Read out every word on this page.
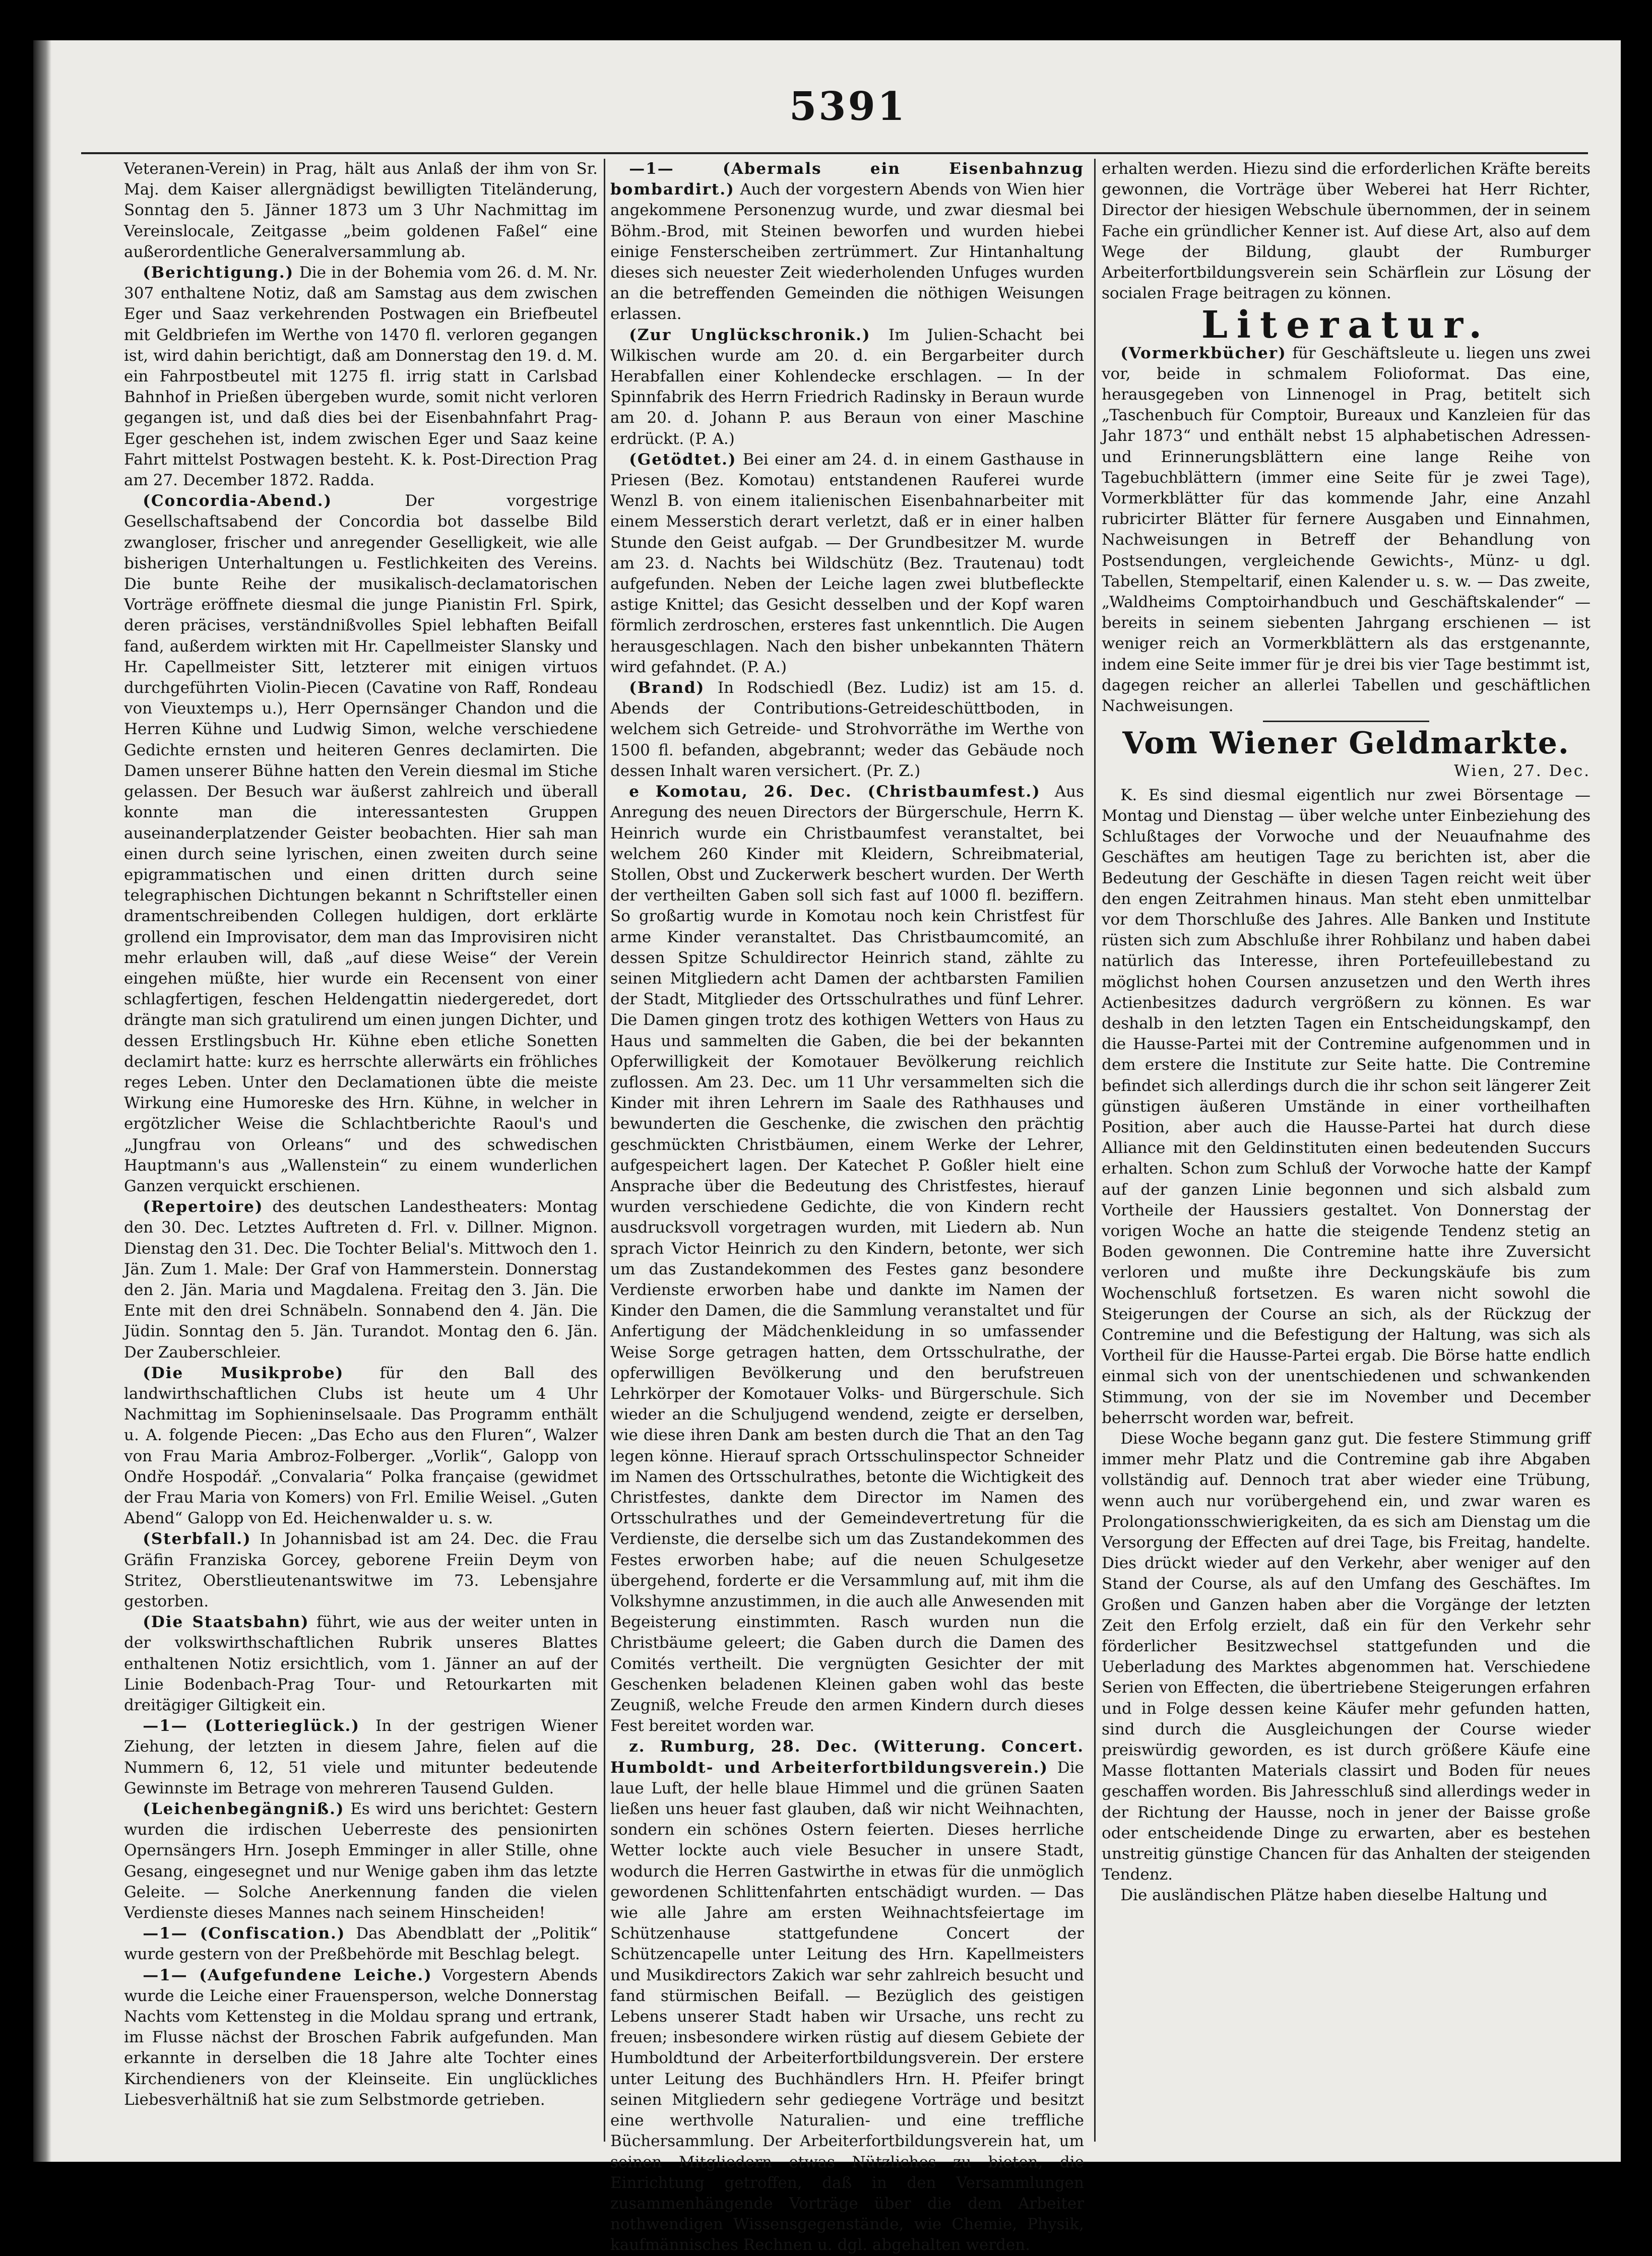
5391

Veteranen-Verein) in Prag, hält aus Anlaß der ihm von Sr. Maj. dem Kaiser allergnädigst bewilligten Titeländerung, Sonntag den 5. Jänner 1873 um 3 Uhr Nachmittag im Vereinslocale, Zeitgasse „beim goldenen Faßel“ eine außerordentliche Generalversammlung ab.

(Berichtigung.) Die in der Bohemia vom 26. d. M. Nr. 307 enthaltene Notiz, daß am Samstag aus dem zwischen Eger und Saaz verkehrenden Postwagen ein Briefbeutel mit Geldbriefen im Werthe von 1470 fl. verloren gegangen ist, wird dahin berichtigt, daß am Donnerstag den 19. d. M. ein Fahrpostbeutel mit 1275 fl. irrig statt in Carlsbad Bahnhof in Prießen übergeben wurde, somit nicht verloren gegangen ist, und daß dies bei der Eisenbahnfahrt Prag-Eger geschehen ist, indem zwischen Eger und Saaz keine Fahrt mittelst Postwagen besteht. K. k. Post-Direction Prag am 27. December 1872. Radda.

(Concordia-Abend.)	Der vorgestrige Gesellschaftsabend der Concordia bot dasselbe Bild zwangloser, frischer und anregender Geselligkeit, wie alle bisherigen Unterhaltungen u. Festlichkeiten des Vereins. Die bunte Reihe der musikalisch-declamatorischen Vorträge eröffnete diesmal die junge Pianistin Frl. Spirk, deren präcises, verständnißvolles Spiel lebhaften Beifall fand, außerdem wirkten mit Hr. Capellmeister Slansky und Hr. Capellmeister Sitt, letzterer mit einigen virtuos durchgeführten Violin-Piecen (Cavatine von Raff, Rondeau von Vieuxtemps u.), Herr Opernsänger Chandon und die Herren Kühne und Ludwig Simon, welche verschiedene Gedichte ernsten und heiteren Genres declamirten. Die Damen unserer Bühne hatten den Verein diesmal im Stiche gelassen. Der Besuch war äußerst zahlreich und überall konnte man die interessantesten Gruppen auseinanderplatzender Geister beobachten. Hier sah man einen durch seine lyrischen, einen zweiten durch seine epigrammatischen und einen dritten durch seine telegraphischen Dichtungen bekannt n Schriftsteller einen dramentschreibenden Collegen huldigen, dort erklärte grollend ein Improvisator, dem man das Improvisiren nicht mehr erlauben will, daß „auf diese Weise“ der Verein eingehen müßte, hier wurde ein Recensent von einer schlagfertigen, feschen Heldengattin niedergeredet, dort drängte man sich gratulirend um einen jungen Dichter, und dessen Erstlingsbuch Hr. Kühne eben etliche Sonetten declamirt hatte: kurz es herrschte allerwärts ein fröhliches reges Leben. Unter den Declamationen übte die meiste Wirkung eine Humoreske des Hrn. Kühne, in welcher in ergötzlicher Weise die Schlachtberichte Raoul's und „Jungfrau von Orleans“ und des schwedischen Hauptmann's aus „Wallenstein“ zu einem wunderlichen Ganzen verquickt erschienen.

(Repertoire) des deutschen Landestheaters: Montag den 30. Dec. Letztes Auftreten d. Frl. v. Dillner. Mignon. Dienstag den 31. Dec. Die Tochter Belial's. Mittwoch den 1. Jän. Zum 1. Male: Der Graf von Hammerstein. Donnerstag den 2. Jän. Maria und Magdalena. Freitag den 3. Jän. Die Ente mit den drei Schnäbeln. Sonnabend den 4. Jän. Die Jüdin. Sonntag den 5. Jän. Turandot. Montag den 6. Jän. Der Zauberschleier.

(Die Musikprobe) für den Ball des landwirthschaftlichen Clubs ist heute um 4 Uhr Nachmittag im Sophieninselsaale. Das Programm enthält u. A. folgende Piecen: „Das Echo aus den Fluren“, Walzer von Frau Maria Ambroz-Folberger. „Vorlik“, Galopp von Ondře Hospodář. „Convalaria“ Polka française (gewidmet der Frau Maria von Komers) von Frl. Emilie Weisel. „Guten Abend“ Galopp von Ed. Heichenwalder u. s. w.

(Sterbfall.) In Johannisbad ist am 24. Dec. die Frau Gräfin Franziska Gorcey, geborene Freiin Deym von Stritez, Oberstlieutenantswitwe im 73. Lebensjahre gestorben.

(Die Staatsbahn) führt, wie aus der weiter unten in der volkswirthschaftlichen Rubrik unseres Blattes enthaltenen Notiz ersichtlich, vom 1. Jänner an auf der Linie Bodenbach-Prag Tour- und Retourkarten mit dreitägiger Giltigkeit ein.

—1— (Lotterieglück.) In der gestrigen Wiener Ziehung, der letzten in diesem Jahre, fielen auf die Nummern 6, 12, 51 viele und mitunter bedeutende Gewinnste im Betrage von mehreren Tausend Gulden.

(Leichenbegängniß.) Es wird uns berichtet: Gestern wurden die irdischen Ueberreste des pensionirten Opernsängers Hrn. Joseph Emminger in aller Stille, ohne Gesang, eingesegnet und nur Wenige gaben ihm das letzte Geleite. — Solche Anerkennung fanden die vielen Verdienste dieses Mannes nach seinem Hinscheiden!

—1— (Confiscation.) Das Abendblatt der „Politik“ wurde gestern von der Preßbehörde mit Beschlag belegt.

—1— (Aufgefundene Leiche.) Vorgestern Abends wurde die Leiche einer Frauensperson, welche Donnerstag Nachts vom Kettensteg in die Moldau sprang und ertrank, im Flusse nächst der Broschen Fabrik aufgefunden. Man erkannte in derselben die 18 Jahre alte Tochter eines Kirchendieners von der Kleinseite. Ein unglückliches Liebesverhältniß hat sie zum Selbstmorde getrieben.

—1— (Abermals ein Eisenbahnzug bombardirt.) Auch der vorgestern Abends von Wien hier angekommene Personenzug wurde, und zwar diesmal bei Böhm.-Brod, mit Steinen beworfen und wurden hiebei einige Fensterscheiben zertrümmert. Zur Hintanhaltung dieses sich neuester Zeit wiederholenden Unfuges wurden an die betreffenden Gemeinden die nöthigen Weisungen erlassen.

(Zur Unglückschronik.) Im Julien-Schacht bei Wilkischen wurde am 20. d. ein Bergarbeiter durch Herabfallen einer Kohlendecke erschlagen. — In der Spinnfabrik des Herrn Friedrich Radinsky in Beraun wurde am 20. d. Johann P. aus Beraun von einer Maschine erdrückt. (P. A.)

(Getödtet.) Bei einer am 24. d. in einem Gasthause in Priesen (Bez. Komotau) entstandenen Rauferei wurde Wenzl B. von einem italienischen Eisenbahnarbeiter mit einem Messerstich derart verletzt, daß er in einer halben Stunde den Geist aufgab. — Der Grundbesitzer M. wurde am 23. d. Nachts bei Wildschütz (Bez. Trautenau) todt aufgefunden. Neben der Leiche lagen zwei blutbefleckte astige Knittel; das Gesicht desselben und der Kopf waren förmlich zerdroschen, ersteres fast unkenntlich. Die Augen herausgeschlagen. Nach den bisher unbekannten Thätern wird gefahndet. (P. A.)

(Brand) In Rodschiedl (Bez. Ludiz) ist am 15. d. Abends der Contributions-Getreideschüttboden, in welchem sich Getreide- und Strohvorräthe im Werthe von 1500 fl. befanden, abgebrannt; weder das Gebäude noch dessen Inhalt waren versichert. (Pr. Z.)

e Komotau, 26. Dec. (Christbaumfest.) Aus Anregung des neuen Directors der Bürgerschule, Herrn K. Heinrich wurde ein Christbaumfest veranstaltet, bei welchem 260 Kinder mit Kleidern, Schreibmaterial, Stollen, Obst und Zuckerwerk beschert wurden. Der Werth der vertheilten Gaben soll sich fast auf 1000 fl. beziffern. So großartig wurde in Komotau noch kein Christfest für arme Kinder veranstaltet. Das Christbaumcomité, an dessen Spitze Schuldirector Heinrich stand, zählte zu seinen Mitgliedern acht Damen der achtbarsten Familien der Stadt, Mitglieder des Ortsschulrathes und fünf Lehrer. Die Damen gingen trotz des kothigen Wetters von Haus zu Haus und sammelten die Gaben, die bei der bekannten Opferwilligkeit der Komotauer Bevölkerung reichlich zuflossen. Am 23. Dec. um 11 Uhr versammelten sich die Kinder mit ihren Lehrern im Saale des Rathhauses und bewunderten die Geschenke, die zwischen den prächtig geschmückten Christbäumen, einem Werke der Lehrer, aufgespeichert lagen. Der Katechet P. Goßler hielt eine Ansprache über die Bedeutung des Christfestes, hierauf wurden verschiedene Gedichte, die von Kindern recht ausdrucksvoll vorgetragen wurden, mit Liedern ab. Nun sprach Victor Heinrich zu den Kindern, betonte, wer sich um das Zustandekommen des Festes ganz besondere Verdienste erworben habe und dankte im Namen der Kinder den Damen, die die Sammlung veranstaltet und für Anfertigung der Mädchenkleidung in so umfassender Weise Sorge getragen hatten, dem Ortsschulrathe, der opferwilligen Bevölkerung und den berufstreuen Lehrkörper der Komotauer Volks- und Bürgerschule. Sich wieder an die Schuljugend wendend, zeigte er derselben, wie diese ihren Dank am besten durch die That an den Tag legen könne. Hierauf sprach Ortsschulinspector Schneider im Namen des Ortsschulrathes, betonte die Wichtigkeit des Christfestes, dankte dem Director im Namen des Ortsschulrathes und der Gemeindevertretung für die Verdienste, die derselbe sich um das Zustandekommen des Festes erworben habe; auf die neuen Schulgesetze übergehend, forderte er die Versammlung auf, mit ihm die Volkshymne anzustimmen, in die auch alle Anwesenden mit Begeisterung einstimmten. Rasch wurden nun die Christbäume geleert; die Gaben durch die Damen des Comités vertheilt. Die vergnügten Gesichter der mit Geschenken beladenen Kleinen gaben wohl das beste Zeugniß, welche Freude den armen Kindern durch dieses Fest bereitet worden war.

z. Rumburg, 28. Dec. (Witterung. Concert. Humboldt- und Arbeiterfortbildungsverein.) Die laue Luft, der helle blaue Himmel und die grünen Saaten ließen uns heuer fast glauben, daß wir nicht Weihnachten, sondern ein schönes Ostern feierten. Dieses herrliche Wetter lockte auch viele Besucher in unsere Stadt, wodurch die Herren Gastwirthe in etwas für die unmöglich gewordenen Schlittenfahrten entschädigt wurden. — Das wie alle Jahre am ersten Weihnachtsfeiertage im Schützenhause stattgefundene Concert der Schützencapelle unter Leitung des Hrn. Kapellmeisters und Musikdirectors Zakich war sehr zahlreich besucht und fand stürmischen Beifall. — Bezüglich des geistigen Lebens unserer Stadt haben wir Ursache, uns recht zu freuen; insbesondere wirken rüstig auf diesem Gebiete der Humboldtund der Arbeiterfortbildungsverein. Der erstere unter Leitung des Buchhändlers Hrn. H. Pfeifer bringt seinen Mitgliedern sehr gediegene Vorträge und besitzt eine werthvolle Naturalien- und eine treffliche Büchersammlung. Der Arbeiterfortbildungsverein hat, um seinen Mitgliedern etwas Nützliches zu bieten, die Einrichtung getroffen, daß in den Versammlungen zusammenhängende Vorträge über die dem Arbeiter nothwendigen Wissensgegenstände, wie Chemie, Physik, kaufmännisches Rechnen u. dgl. abgehalten werden.

erhalten werden. Hiezu sind die erforderlichen Kräfte bereits gewonnen, die Vorträge über Weberei hat Herr Richter, Director der hiesigen Webschule übernommen, der in seinem Fache ein gründlicher Kenner ist. Auf diese Art, also auf dem Wege der Bildung, glaubt der Rumburger Arbeiterfortbildungsverein sein Schärflein zur Lösung der socialen Frage beitragen zu können.

Literatur.

(Vormerkbücher) für Geschäftsleute u. liegen uns zwei vor, beide in schmalem Folioformat. Das eine, herausgegeben von Linnenogel in Prag, betitelt sich „Taschenbuch für Comptoir, Bureaux und Kanzleien für das Jahr 1873“ und enthält nebst 15 alphabetischen Adressen- und Erinnerungsblättern eine lange Reihe von Tagebuchblättern (immer eine Seite für je zwei Tage), Vormerkblätter für das kommende Jahr, eine Anzahl rubricirter Blätter für fernere Ausgaben und Einnahmen, Nachweisungen in Betreff der Behandlung von Postsendungen, vergleichende Gewichts-, Münz- u dgl. Tabellen, Stempeltarif, einen Kalender u. s. w. — Das zweite, „Waldheims Comptoirhandbuch und Geschäftskalender“ — bereits in seinem siebenten Jahrgang erschienen — ist weniger reich an Vormerkblättern als das erstgenannte, indem eine Seite immer für je drei bis vier Tage bestimmt ist, dagegen reicher an allerlei Tabellen und geschäftlichen Nachweisungen.

Vom Wiener Geldmarkte.
Wien, 27. Dec.

K. Es sind diesmal eigentlich nur zwei Börsentage — Montag und Dienstag — über welche unter Einbeziehung des Schlußtages der Vorwoche und der Neuaufnahme des Geschäftes am heutigen Tage zu berichten ist, aber die Bedeutung der Geschäfte in diesen Tagen reicht weit über den engen Zeitrahmen hinaus. Man steht eben unmittelbar vor dem Thorschluße des Jahres. Alle Banken und Institute rüsten sich zum Abschluße ihrer Rohbilanz und haben dabei natürlich das Interesse, ihren Portefeuillebestand zu möglichst hohen Coursen anzusetzen und den Werth ihres Actienbesitzes dadurch vergrößern zu können. Es war deshalb in den letzten Tagen ein Entscheidungskampf, den die Hausse-Partei mit der Contremine aufgenommen und in dem erstere die Institute zur Seite hatte. Die Contremine befindet sich allerdings durch die ihr schon seit längerer Zeit günstigen äußeren Umstände in einer vortheilhaften Position, aber auch die Hausse-Partei hat durch diese Alliance mit den Geldinstituten einen bedeutenden Succurs erhalten. Schon zum Schluß der Vorwoche hatte der Kampf auf der ganzen Linie begonnen und sich alsbald zum Vortheile der Haussiers gestaltet. Von Donnerstag der vorigen Woche an hatte die steigende Tendenz stetig an Boden gewonnen. Die Contremine hatte ihre Zuversicht verloren und mußte ihre Deckungskäufe bis zum Wochenschluß fortsetzen. Es waren nicht sowohl die Steigerungen der Course an sich, als der Rückzug der Contremine und die Befestigung der Haltung, was sich als Vortheil für die Hausse-Partei ergab. Die Börse hatte endlich einmal sich von der unentschiedenen und schwankenden Stimmung, von der sie im November und December beherrscht worden war, befreit.

Diese Woche begann ganz gut. Die festere Stimmung griff immer mehr Platz und die Contremine gab ihre Abgaben vollständig auf. Dennoch trat aber wieder eine Trübung, wenn auch nur vorübergehend ein, und zwar waren es Prolongationsschwierigkeiten, da es sich am Dienstag um die Versorgung der Effecten auf drei Tage, bis Freitag, handelte. Dies drückt wieder auf den Verkehr, aber weniger auf den Stand der Course, als auf den Umfang des Geschäftes. Im Großen und Ganzen haben aber die Vorgänge der letzten Zeit den Erfolg erzielt, daß ein für den Verkehr sehr förderlicher Besitzwechsel stattgefunden und die Ueberladung des Marktes abgenommen hat. Verschiedene Serien von Effecten, die übertriebene Steigerungen erfahren und in Folge dessen keine Käufer mehr gefunden hatten, sind durch die Ausgleichungen der Course wieder preiswürdig geworden, es ist durch größere Käufe eine Masse flottanten Materials classirt und Boden für neues geschaffen worden. Bis Jahresschluß sind allerdings weder in der Richtung der Hausse, noch in jener der Baisse große oder entscheidende Dinge zu erwarten, aber es bestehen unstreitig günstige Chancen für das Anhalten der steigenden Tendenz.

Die ausländischen Plätze haben dieselbe Haltung und
